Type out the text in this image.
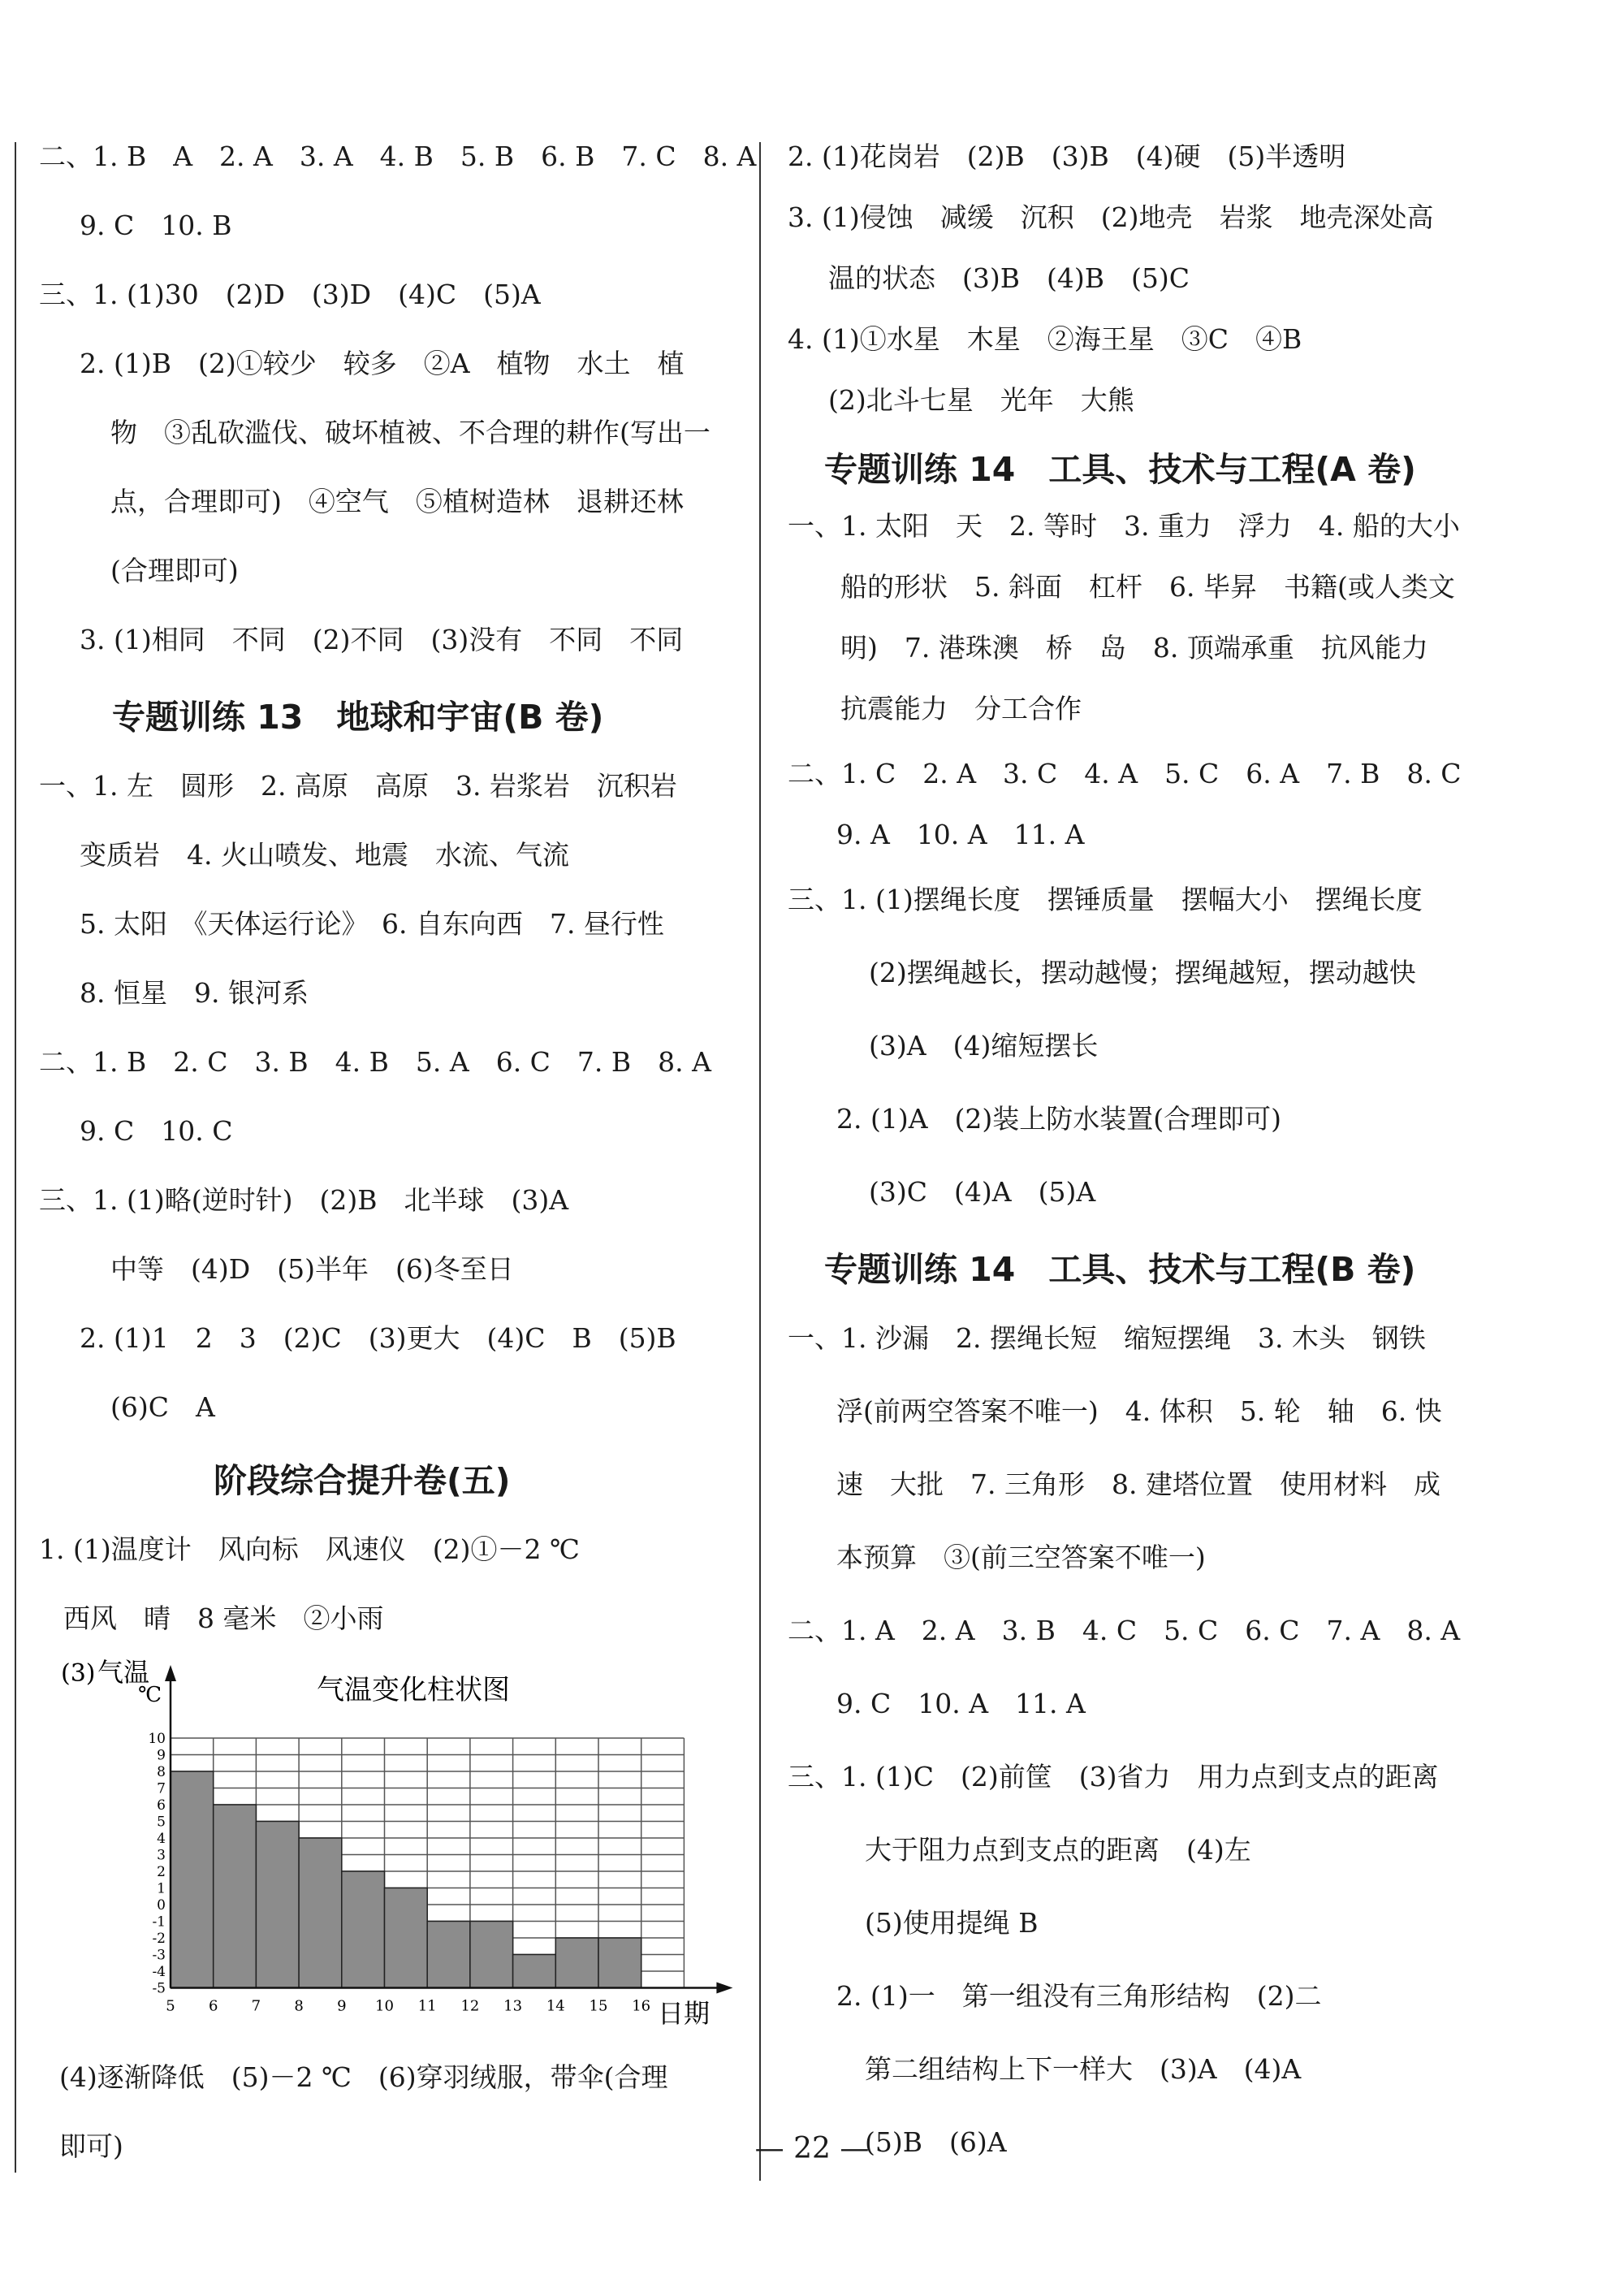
二、1. B　A　2. A　3. A　4. B　5. B　6. B　7. C　8. A
9. C　10. B
三、1. (1)30　(2)D　(3)D　(4)C　(5)A
2. (1)B　(2)①较少　较多　②A　植物　水土　植
物　③乱砍滥伐、破坏植被、不合理的耕作(写出一
点，合理即可)　④空气　⑤植树造林　退耕还林
(合理即可)
3. (1)相同　不同　(2)不同　(3)没有　不同　不同
专题训练 13　地球和宇宙(B 卷)
一、1. 左　圆形　2. 高原　高原　3. 岩浆岩　沉积岩
变质岩　4. 火山喷发、地震　水流、气流
5. 太阳　《天体运行论》　6. 自东向西　7. 昼行性
8. 恒星　9. 银河系
二、1. B　2. C　3. B　4. B　5. A　6. C　7. B　8. A
9. C　10. C
三、1. (1)略(逆时针)　(2)B　北半球　(3)A
中等　(4)D　(5)半年　(6)冬至日
2. (1)1　2　3　(2)C　(3)更大　(4)C　B　(5)B
(6)C　A
阶段综合提升卷(五)
1. (1)温度计　风向标　风速仪　(2)①－2 ℃
西风　晴　8 毫米　②小雨
(4)逐渐降低　(5)－2 ℃　(6)穿羽绒服，带伞(合理
即可)
(3) 气温
℃	气温变化柱状图
日期
10
9
8
7
6
5
4
3
2
1
0
-1
-2
-3
-4
-5
5 6 7 8 9 10 11 12 13 14 15 16
2. (1)花岗岩　(2)B　(3)B　(4)硬　(5)半透明
3. (1)侵蚀　减缓　沉积　(2)地壳　岩浆　地壳深处高
温的状态　(3)B　(4)B　(5)C
4. (1)①水星　木星　②海王星　③C　④B
(2)北斗七星　光年　大熊
专题训练 14　工具、技术与工程(A 卷)
一、1. 太阳　天　2. 等时　3. 重力　浮力　4. 船的大小
船的形状　5. 斜面　杠杆　6. 毕昇　书籍(或人类文
明)　7. 港珠澳　桥　岛　8. 顶端承重　抗风能力
抗震能力　分工合作
二、1. C　2. A　3. C　4. A　5. C　6. A　7. B　8. C
9. A　10. A　11. A
三、1. (1)摆绳长度　摆锤质量　摆幅大小　摆绳长度
(2)摆绳越长，摆动越慢；摆绳越短，摆动越快
(3)A　(4)缩短摆长
2. (1)A　(2)装上防水装置(合理即可)
(3)C　(4)A　(5)A
专题训练 14　工具、技术与工程(B 卷)
一、1. 沙漏　2. 摆绳长短　缩短摆绳　3. 木头　钢铁
浮(前两空答案不唯一)　4. 体积　5. 轮　轴　6. 快
速　大批　7. 三角形　8. 建塔位置　使用材料　成
本预算　③(前三空答案不唯一)
二、1. A　2. A　3. B　4. C　5. C　6. C　7. A　8. A
9. C　10. A　11. A
三、1. (1)C　(2)前筐　(3)省力　用力点到支点的距离
大于阻力点到支点的距离　(4)左
(5)使用提绳 B
2. (1)一　第一组没有三角形结构　(2)二
第二组结构上下一样大　(3)A　(4)A
(5)B　(6)A
— 22 —
